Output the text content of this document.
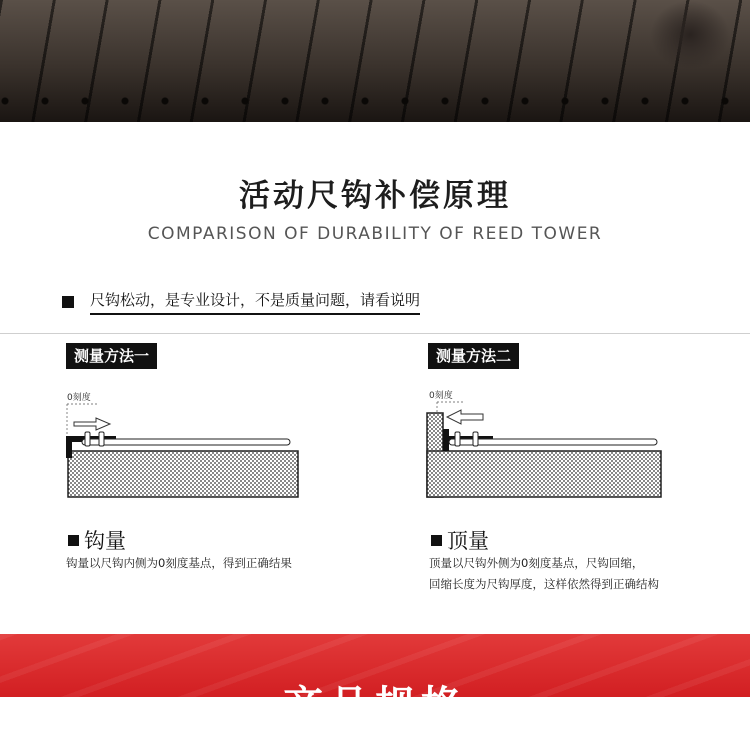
活动尺钩补偿原理
COMPARISON OF DURABILITY OF REED TOWER
尺钩松动，是专业设计，不是质量问题，请看说明
测量方法一
0刻度
钩量
钩量以尺钩内侧为0刻度基点，得到正确结果
测量方法二
0刻度
顶量
顶量以尺钩外侧为0刻度基点，尺钩回缩，
回缩长度为尺钩厚度，这样依然得到正确结构
产品规格
